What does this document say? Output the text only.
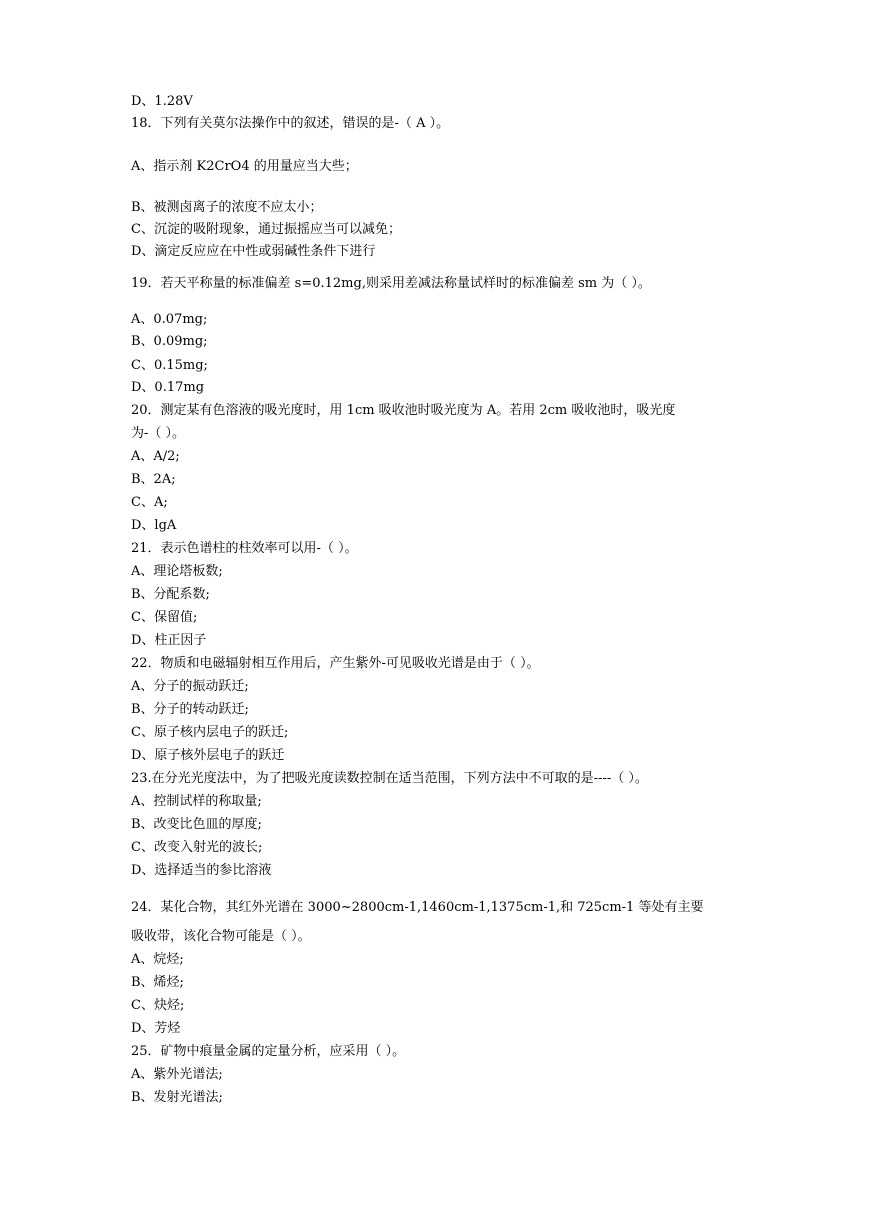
D、1.28V
18．下列有关莫尔法操作中的叙述，错误的是-（ A ）。
A、指示剂 K2CrO4 的用量应当大些；
B、被测卤离子的浓度不应太小；
C、沉淀的吸附现象，通过振摇应当可以减免；
D、滴定反应应在中性或弱碱性条件下进行
19．若天平称量的标准偏差 s=0.12mg,则采用差减法称量试样时的标准偏差 sm 为（ ）。
A、0.07mg;
B、0.09mg;
C、0.15mg;
D、0.17mg
20．测定某有色溶液的吸光度时，用 1cm 吸收池时吸光度为 A。若用 2cm 吸收池时，吸光度
为-（ ）。
A、A/2;
B、2A;
C、A;
D、lgA
21．表示色谱柱的柱效率可以用-（ ）。
A、理论塔板数;
B、分配系数;
C、保留值;
D、柱正因子
22．物质和电磁辐射相互作用后，产生紫外-可见吸收光谱是由于（ ）。
A、分子的振动跃迁;
B、分子的转动跃迁;
C、原子核内层电子的跃迁;
D、原子核外层电子的跃迁
23.在分光光度法中，为了把吸光度读数控制在适当范围，下列方法中不可取的是----（ ）。
A、控制试样的称取量;
B、改变比色皿的厚度;
C、改变入射光的波长;
D、选择适当的参比溶液
24．某化合物，其红外光谱在 3000~2800cm-1,1460cm-1,1375cm-1,和 725cm-1 等处有主要
吸收带，该化合物可能是（ ）。
A、烷烃;
B、烯烃;
C、炔烃;
D、芳烃
25．矿物中痕量金属的定量分析，应采用（ ）。
A、紫外光谱法;
B、发射光谱法;
